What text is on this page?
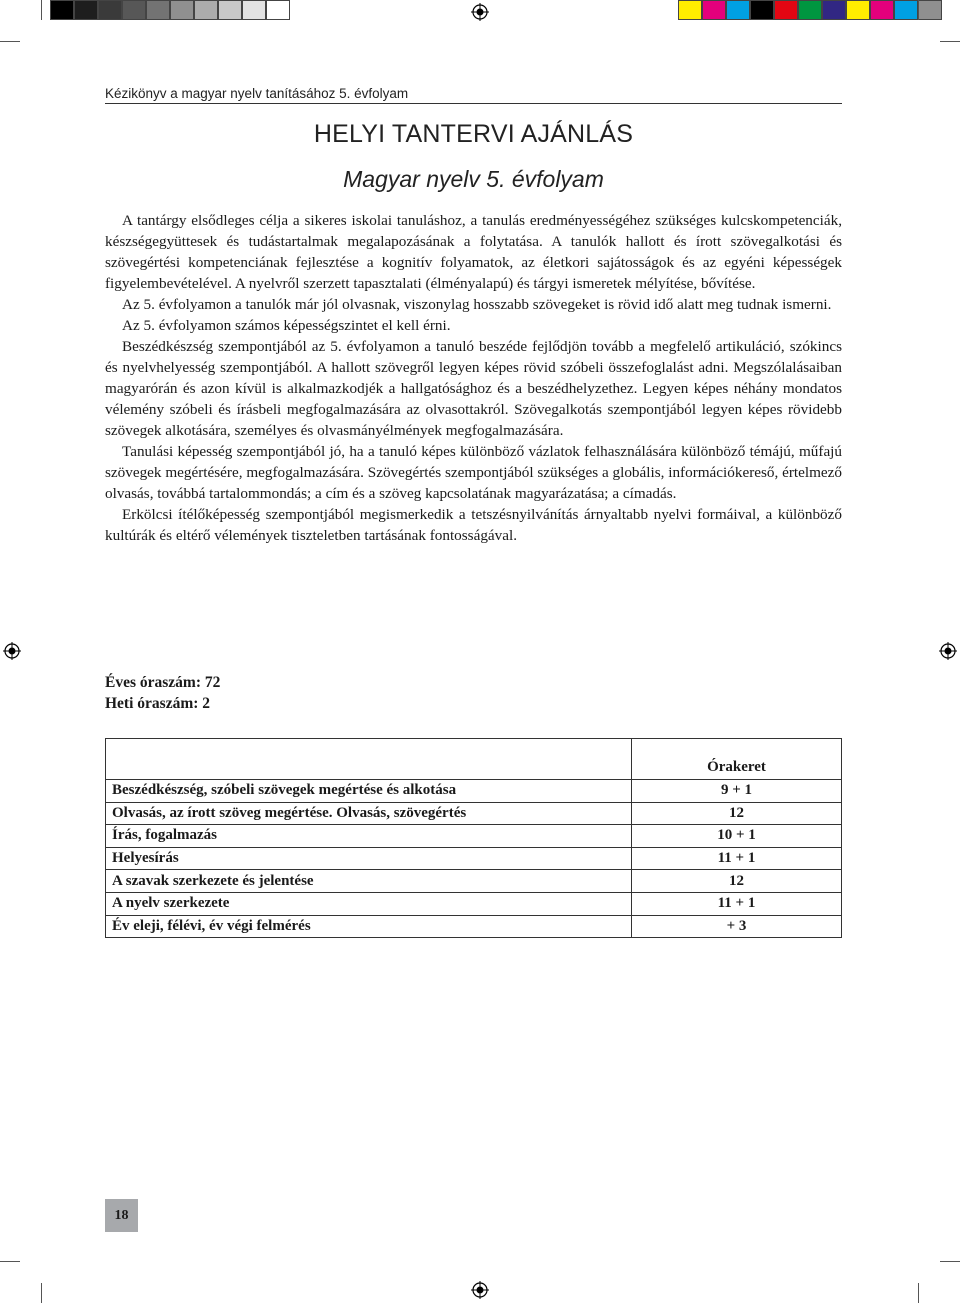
Kézikönyv a magyar nyelv tanításához 5. évfolyam
HELYI TANTERVI AJÁNLÁS
Magyar nyelv 5. évfolyam

A tantárgy elsődleges célja a sikeres iskolai tanuláshoz, a tanulás eredményességéhez szükséges kulcskompetenciák, készségegyüttesek és tudástartalmak megalapozásának a folytatása. A tanulók hallott és írott szövegalkotási és szövegértési kompetenciának fejlesztése a kognitív folyamatok, az életkori sajátosságok és az egyéni képességek figyelembevételével. A nyelvről szerzett tapasztalati (élményalapú) és tárgyi ismeretek mélyítése, bővítése.

Az 5. évfolyamon a tanulók már jól olvasnak, viszonylag hosszabb szövegeket is rövid idő alatt meg tudnak ismerni.

Az 5. évfolyamon számos képességszintet el kell érni.

Beszédkészség szempontjából az 5. évfolyamon a tanuló beszéde fejlődjön tovább a megfelelő artikuláció, szókincs és nyelvhelyesség szempontjából. A hallott szövegről legyen képes rövid szóbeli összefoglalást adni. Megszólalásaiban magyarórán és azon kívül is alkalmazkodjék a hallgatósághoz és a beszédhelyzethez. Legyen képes néhány mondatos vélemény szóbeli és írásbeli megfogalmazására az olvasottakról. Szövegalkotás szempontjából legyen képes rövidebb szövegek alkotására, személyes és olvasmányélmények megfogalmazására.

Tanulási képesség szempontjából jó, ha a tanuló képes különböző vázlatok felhasználására különböző témájú, műfajú szövegek megértésére, megfogalmazására. Szövegértés szempontjából szükséges a globális, információkereső, értelmező olvasás, továbbá tartalommondás; a cím és a szöveg kapcsolatának magyarázatása; a címadás.

Erkölcsi ítélőképesség szempontjából megismerkedik a tetszésnyilvánítás árnyaltabb nyelvi formáival, a különböző kultúrák és eltérő vélemények tiszteletben tartásának fontosságával.

Éves óraszám: 72
Heti óraszám: 2
	Órakeret
Beszédkészség, szóbeli szövegek megértése és alkotása	9 + 1
Olvasás, az írott szöveg megértése. Olvasás, szövegértés	12
Írás, fogalmazás	10 + 1
Helyesírás	11 + 1
A szavak szerkezete és jelentése	12
A nyelv szerkezete	11 + 1
Év eleji, félévi, év végi felmérés	+ 3
18
